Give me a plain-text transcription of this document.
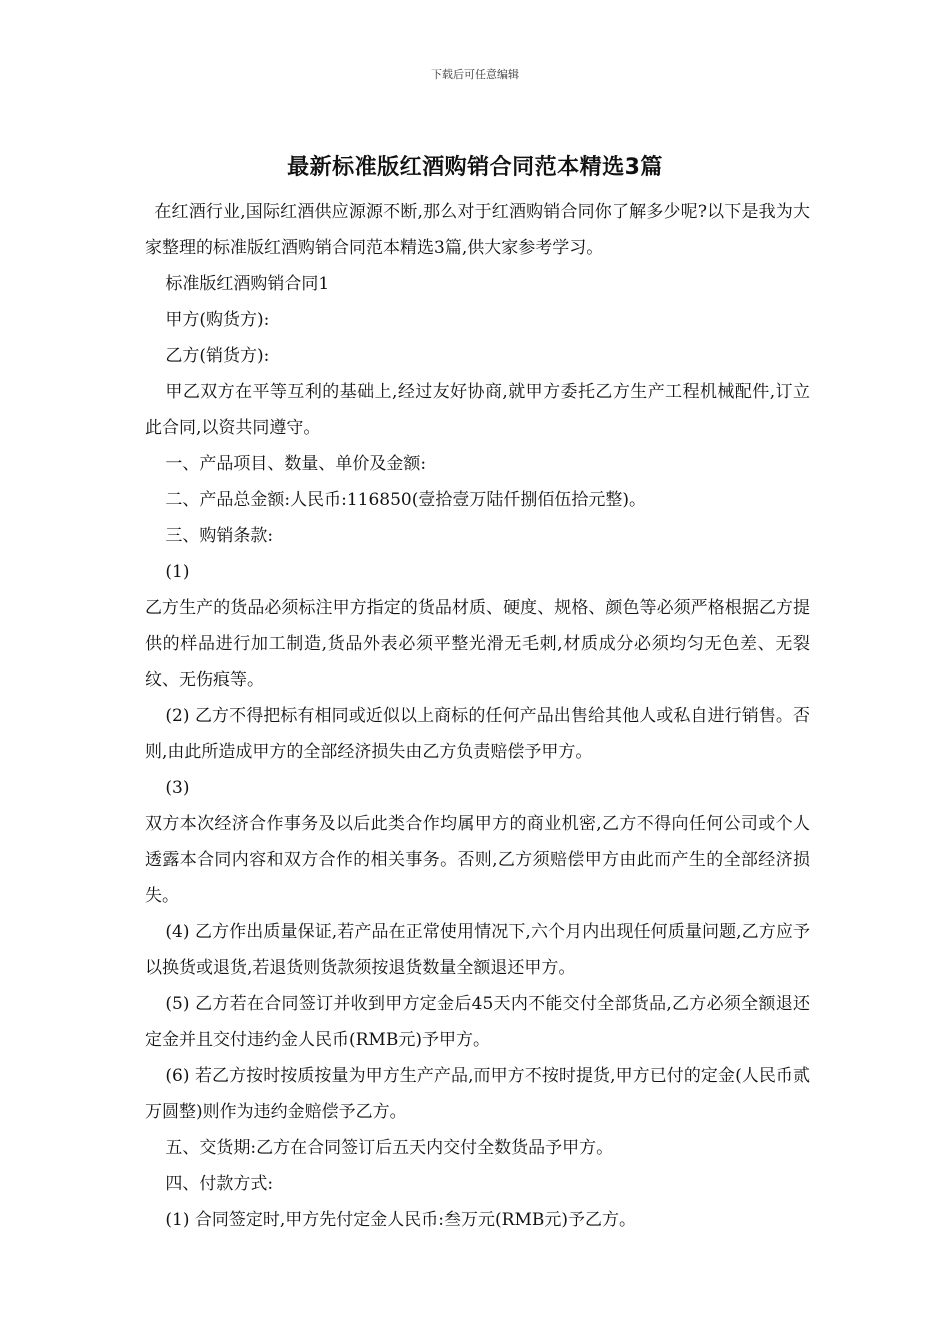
下载后可任意编辑
最新标准版红酒购销合同范本精选3篇

在红酒行业,国际红酒供应源源不断,那么对于红酒购销合同你了解多少呢?以下是我为大家整理的标准版红酒购销合同范本精选3篇,供大家参考学习。

标准版红酒购销合同1

甲方(购货方):

乙方(销货方):

甲乙双方在平等互利的基础上,经过友好协商,就甲方委托乙方生产工程机械配件,订立此合同,以资共同遵守。

一、产品项目、数量、单价及金额:

二、产品总金额:人民币:116850(壹拾壹万陆仟捌佰伍拾元整)。

三、购销条款:

(1)

乙方生产的货品必须标注甲方指定的货品材质、硬度、规格、颜色等必须严格根据乙方提供的样品进行加工制造,货品外表必须平整光滑无毛刺,材质成分必须均匀无色差、无裂纹、无伤痕等。

(2) 乙方不得把标有相同或近似以上商标的任何产品出售给其他人或私自进行销售。否则,由此所造成甲方的全部经济损失由乙方负责赔偿予甲方。

(3)

双方本次经济合作事务及以后此类合作均属甲方的商业机密,乙方不得向任何公司或个人透露本合同内容和双方合作的相关事务。否则,乙方须赔偿甲方由此而产生的全部经济损失。

(4) 乙方作出质量保证,若产品在正常使用情况下,六个月内出现任何质量问题,乙方应予以换货或退货,若退货则货款须按退货数量全额退还甲方。

(5) 乙方若在合同签订并收到甲方定金后45天内不能交付全部货品,乙方必须全额退还定金并且交付违约金人民币(RMB元)予甲方。

(6) 若乙方按时按质按量为甲方生产产品,而甲方不按时提货,甲方已付的定金(人民币贰万圆整)则作为违约金赔偿予乙方。

五、交货期:乙方在合同签订后五天内交付全数货品予甲方。

四、付款方式:

(1) 合同签定时,甲方先付定金人民币:叁万元(RMB元)予乙方。
